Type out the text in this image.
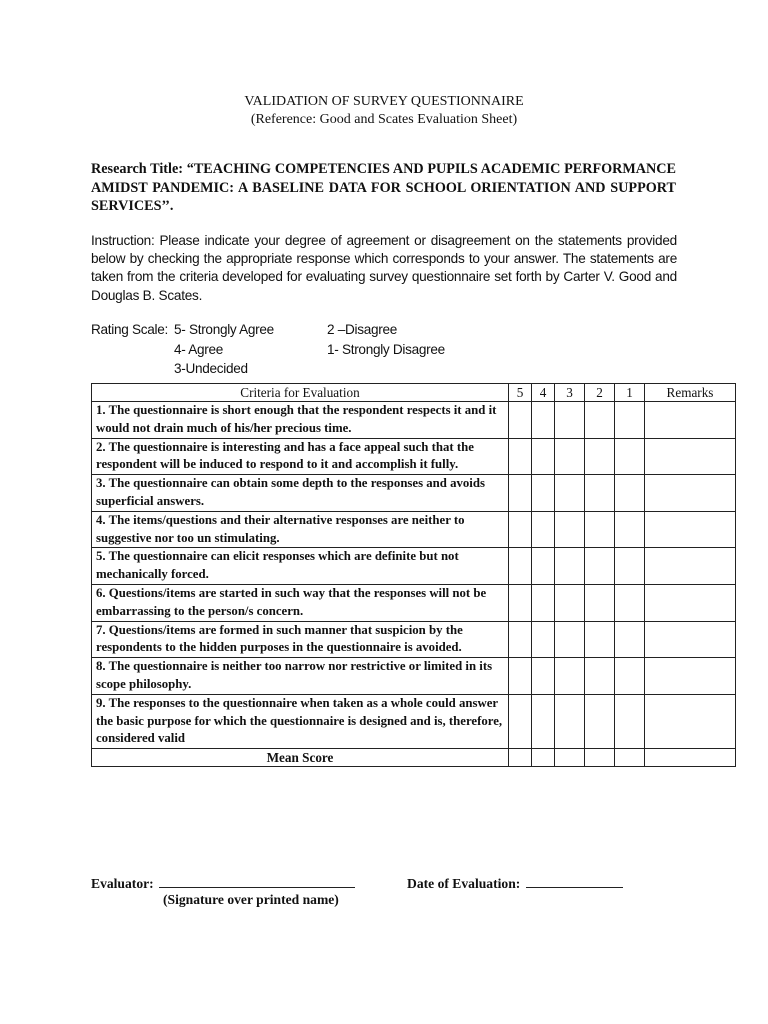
VALIDATION OF SURVEY QUESTIONNAIRE
(Reference: Good and Scates Evaluation Sheet)
Research Title: “TEACHING COMPETENCIES AND PUPILS ACADEMIC PERFORMANCE AMIDST PANDEMIC: A BASELINE DATA FOR SCHOOL ORIENTATION AND SUPPORT SERVICES’’.
Instruction: Please indicate your degree of agreement or disagreement on the statements provided below by checking the appropriate response which corresponds to your answer. The statements are taken from the criteria developed for evaluating survey questionnaire set forth by Carter V. Good and Douglas B. Scates.
Rating Scale: 5- Strongly Agree
4- Agree
3-Undecided
2 –Disagree
1- Strongly Disagree
Criteria for Evaluation	5	4	3	2	1	Remarks
1. The questionnaire is short enough that the respondent respects it and it would not drain much of his/her precious time.						
2. The questionnaire is interesting and has a face appeal such that the respondent will be induced to respond to it and accomplish it fully.						
3. The questionnaire can obtain some depth to the responses and avoids superficial answers.						
4. The items/questions and their alternative responses are neither to suggestive nor too un stimulating.						
5. The questionnaire can elicit responses which are definite but not mechanically forced.						
6. Questions/items are started in such way that the responses will not be embarrassing to the person/s concern.						
7. Questions/items are formed in such manner that suspicion by the respondents to the hidden purposes in the questionnaire is avoided.						
8. The questionnaire is neither too narrow nor restrictive or limited in its scope philosophy.						
9. The responses to the questionnaire when taken as a whole could answer the basic purpose for which the questionnaire is designed and is, therefore, considered valid						
Mean Score						
Evaluator:
(Signature over printed name)
Date of Evaluation:
